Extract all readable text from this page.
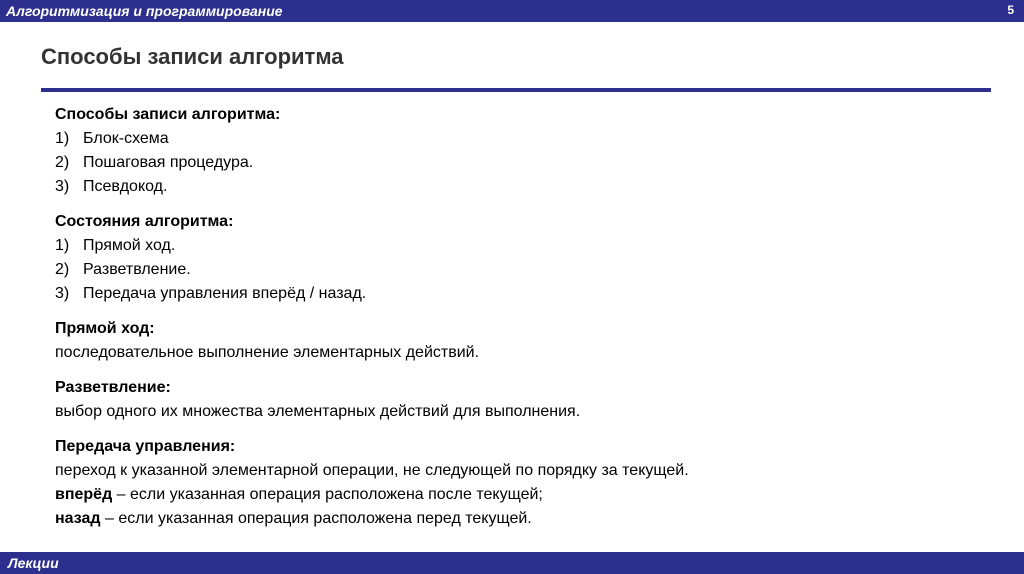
Алгоритмизация и программирование	5
Способы записи алгоритма
Способы записи алгоритма:
1) Блок-схема
2) Пошаговая процедура.
3) Псевдокод.
Состояния алгоритма:
1) Прямой ход.
2) Разветвление.
3) Передача управления вперёд / назад.
Прямой ход:
последовательное выполнение элементарных действий.
Разветвление:
выбор одного их множества элементарных действий для выполнения.
Передача управления:
переход к указанной элементарной операции, не следующей по порядку за текущей.
вперёд – если указанная операция расположена после текущей;
назад – если указанная операция расположена перед текущей.
Лекции
